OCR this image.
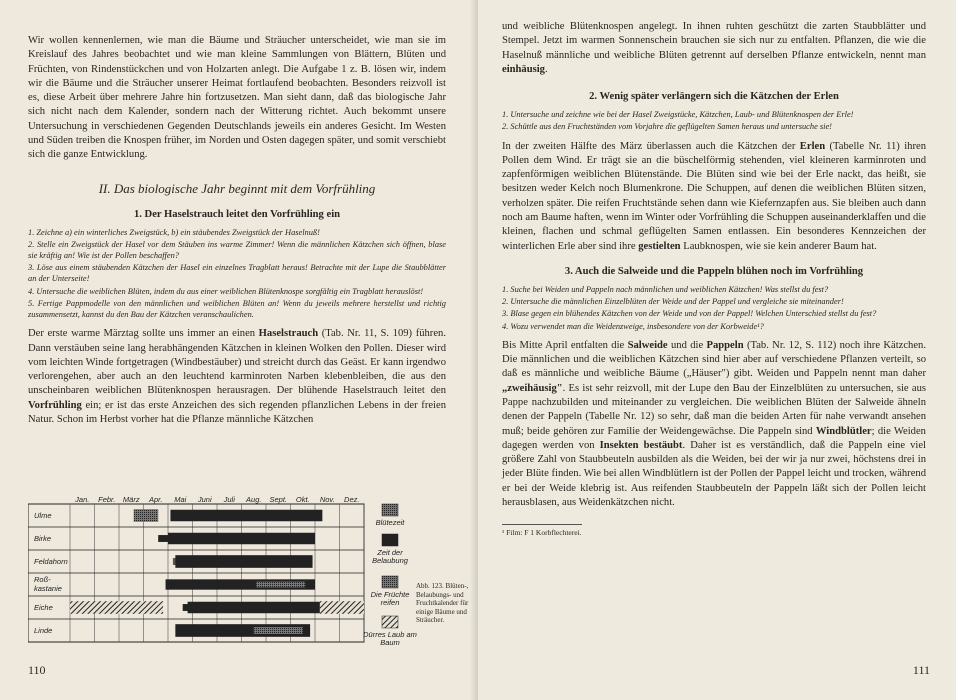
Wir wollen kennenlernen, wie man die Bäume und Sträucher unterscheidet, wie man sie im Kreislauf des Jahres beobachtet und wie man kleine Sammlungen von Blättern, Blüten und Früchten, von Rindenstückchen und von Holzarten anlegt. Die Aufgabe 1 z. B. lösen wir, indem wir die Bäume und die Sträucher unserer Heimat fortlaufend beobachten. Besonders reizvoll ist es, diese Arbeit über mehrere Jahre hin fortzusetzen. Man sieht dann, daß das biologische Jahr sich nicht nach dem Kalender, sondern nach der Witterung richtet. Auch bekommt unsere Untersuchung in verschiedenen Gegenden Deutschlands jeweils ein anderes Gesicht. Im Westen und Süden treiben die Knospen früher, im Norden und Osten dagegen später, und somit verschiebt sich die ganze Entwicklung.

II. Das biologische Jahr beginnt mit dem Vorfrühling
1. Der Haselstrauch leitet den Vorfrühling ein
1. Zeichne a) ein winterliches Zweigstück, b) ein stäubendes Zweigstück der Haselnuß!
2. Stelle ein Zweigstück der Hasel vor dem Stäuben ins warme Zimmer! Wenn die männlichen Kätzchen sich öffnen, blase sie kräftig an! Wie ist der Pollen beschaffen?
3. Löse aus einem stäubenden Kätzchen der Hasel ein einzelnes Tragblatt heraus! Betrachte mit der Lupe die Staubblätter an der Unterseite!
4. Untersuche die weiblichen Blüten, indem du aus einer weiblichen Blütenknospe sorgfältig ein Tragblatt herauslöst!
5. Fertige Pappmodelle von den männlichen und weiblichen Blüten an! Wenn du jeweils mehrere herstellst und richtig zusammensetzt, kannst du den Bau der Kätzchen veranschaulichen.

Der erste warme Märztag sollte uns immer an einen Haselstrauch (Tab. Nr. 11, S. 109) führen. Dann verstäuben seine lang herabhängenden Kätzchen in kleinen Wolken den Pollen. Dieser wird vom leichten Winde fortgetragen (Windbestäuber) und streicht durch das Geäst. Er kann irgendwo verlorengehen, aber auch an den leuchtend karminroten Narben klebenbleiben, die aus den unscheinbaren weiblichen Blütenknospen herausragen. Der blühende Haselstrauch leitet den Vorfrühling ein; er ist das erste Anzeichen des sich regenden pflanzlichen Lebens in der freien Natur. Schon im Herbst vorher hat die Pflanze männliche Kätzchen

Jan. Febr. März Apr. Mai Juni Juli Aug. Sept. Okt. Nov. Dez.
Ulme
Birke
Feldahorn
Roß-
kastanie
Eiche
Linde
Blütezeit
Zeit der
Belaubung
Die Früchte
reifen
Dürres Laub am
Baum
Abb. 123. Blüten-, Belaubungs- und Fruchtkalender für einige Bäume und Sträucher.
110

und weibliche Blütenknospen angelegt. In ihnen ruhten geschützt die zarten Staubblätter und Stempel. Jetzt im warmen Sonnenschein brauchen sie sich nur zu entfalten. Pflanzen, die wie die Haselnuß männliche und weibliche Blüten getrennt auf derselben Pflanze entwickeln, nennt man einhäusig.

2. Wenig später verlängern sich die Kätzchen der Erlen
1. Untersuche und zeichne wie bei der Hasel Zweigstücke, Kätzchen, Laub- und Blütenknospen der Erle!
2. Schüttle aus den Fruchtständen vom Vorjahre die geflügelten Samen heraus und untersuche sie!

In der zweiten Hälfte des März überlassen auch die Kätzchen der Erlen (Tabelle Nr. 11) ihren Pollen dem Wind. Er trägt sie an die büschelförmig stehenden, viel kleineren karminroten und zapfenförmigen weiblichen Blütenstände. Die Blüten sind wie bei der Erle nackt, das heißt, sie besitzen weder Kelch noch Blumenkrone. Die Schuppen, auf denen die weiblichen Blüten sitzen, verholzen später. Die reifen Fruchtstände sehen dann wie Kiefernzapfen aus. Sie bleiben auch dann noch am Baume haften, wenn im Winter oder Vorfrühling die Schuppen auseinanderklaffen und die kleinen, flachen und schmal geflügelten Samen entlassen. Ein besonderes Kennzeichen der winterlichen Erle aber sind ihre gestielten Laubknospen, wie sie kein anderer Baum hat.

3. Auch die Salweide und die Pappeln blühen noch im Vorfrühling
1. Suche bei Weiden und Pappeln nach männlichen und weiblichen Kätzchen! Was stellst du fest?
2. Untersuche die männlichen Einzelblüten der Weide und der Pappel und vergleiche sie miteinander!
3. Blase gegen ein blühendes Kätzchen von der Weide und von der Pappel! Welchen Unterschied stellst du fest?
4. Wozu verwendet man die Weidenzweige, insbesondere von der Korbweide¹?

Bis Mitte April entfalten die Salweide und die Pappeln (Tab. Nr. 12, S. 112) noch ihre Kätzchen. Die männlichen und die weiblichen Kätzchen sind hier aber auf verschiedene Pflanzen verteilt, so daß es männliche und weibliche Bäume („Häuser") gibt. Weiden und Pappeln nennt man daher „zweihäusig". Es ist sehr reizvoll, mit der Lupe den Bau der Einzelblüten zu untersuchen, sie aus Pappe nachzubilden und miteinander zu vergleichen. Die weiblichen Blüten der Salweide ähneln denen der Pappeln (Tabelle Nr. 12) so sehr, daß man die beiden Arten für nahe verwandt ansehen muß; beide gehören zur Familie der Weidengewächse. Die Pappeln sind Windblütler; die Weiden dagegen werden von Insekten bestäubt. Daher ist es verständlich, daß die Pappeln eine viel größere Zahl von Staubbeuteln ausbilden als die Weiden, bei der wir ja nur zwei, höchstens drei in jeder Blüte finden. Wie bei allen Windblütlern ist der Pollen der Pappel leicht und trocken, während er bei der Weide klebrig ist. Aus reifenden Staubbeuteln der Pappeln läßt sich der Pollen leicht herausblasen, aus Weidenkätzchen nicht.

¹ Film: F 1 Korbflechterei.
111
